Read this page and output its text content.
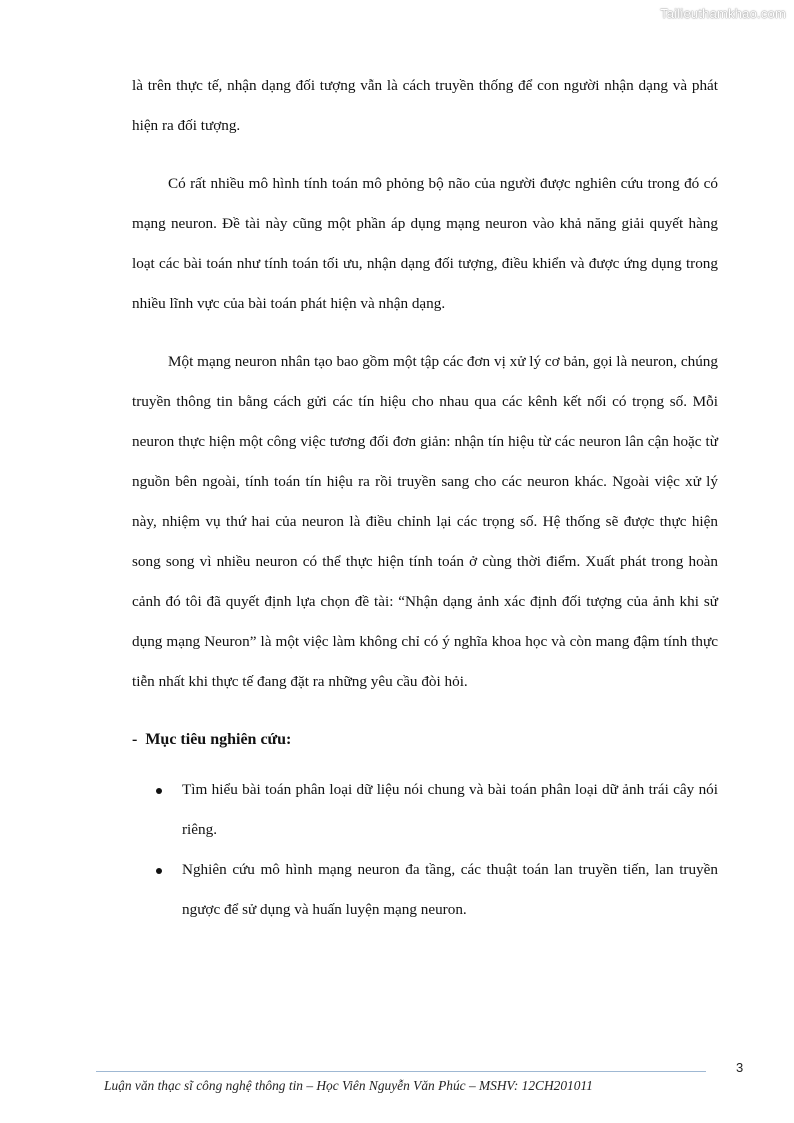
Tailieuthamkhao.com

là trên thực tế, nhận dạng đối tượng vẫn là cách truyền thống để con người nhận dạng và phát hiện ra đối tượng.

Có rất nhiều mô hình tính toán mô phỏng bộ não của người được nghiên cứu trong đó có mạng neuron. Đề tài này cũng một phần áp dụng mạng neuron vào khả năng giải quyết hàng loạt các bài toán như tính toán tối ưu, nhận dạng đối tượng, điều khiển và được ứng dụng trong nhiều lĩnh vực của bài toán phát hiện và nhận dạng.

Một mạng neuron nhân tạo bao gồm một tập các đơn vị xử lý cơ bản, gọi là neuron, chúng truyền thông tin bằng cách gửi các tín hiệu cho nhau qua các kênh kết nối có trọng số. Mỗi neuron thực hiện một công việc tương đối đơn giản: nhận tín hiệu từ các neuron lân cận hoặc từ nguồn bên ngoài, tính toán tín hiệu ra rồi truyền sang cho các neuron khác. Ngoài việc xử lý này, nhiệm vụ thứ hai của neuron là điều chỉnh lại các trọng số. Hệ thống sẽ được thực hiện song song vì nhiều neuron có thể thực hiện tính toán ở cùng thời điểm. Xuất phát trong hoàn cảnh đó tôi đã quyết định lựa chọn đề tài: “Nhận dạng ảnh xác định đối tượng của ảnh khi sử dụng mạng Neuron” là một việc làm không chỉ có ý nghĩa khoa học và còn mang đậm tính thực tiễn nhất khi thực tế đang đặt ra những yêu cầu đòi hỏi.

- Mục tiêu nghiên cứu:
Tìm hiểu bài toán phân loại dữ liệu nói chung và bài toán phân loại dữ ảnh trái cây nói riêng.
Nghiên cứu mô hình mạng neuron đa tầng, các thuật toán lan truyền tiến, lan truyền ngược để sử dụng và huấn luyện mạng neuron.
3
Luận văn thạc sĩ công nghệ thông tin – Học Viên Nguyễn Văn Phúc – MSHV: 12CH201011
